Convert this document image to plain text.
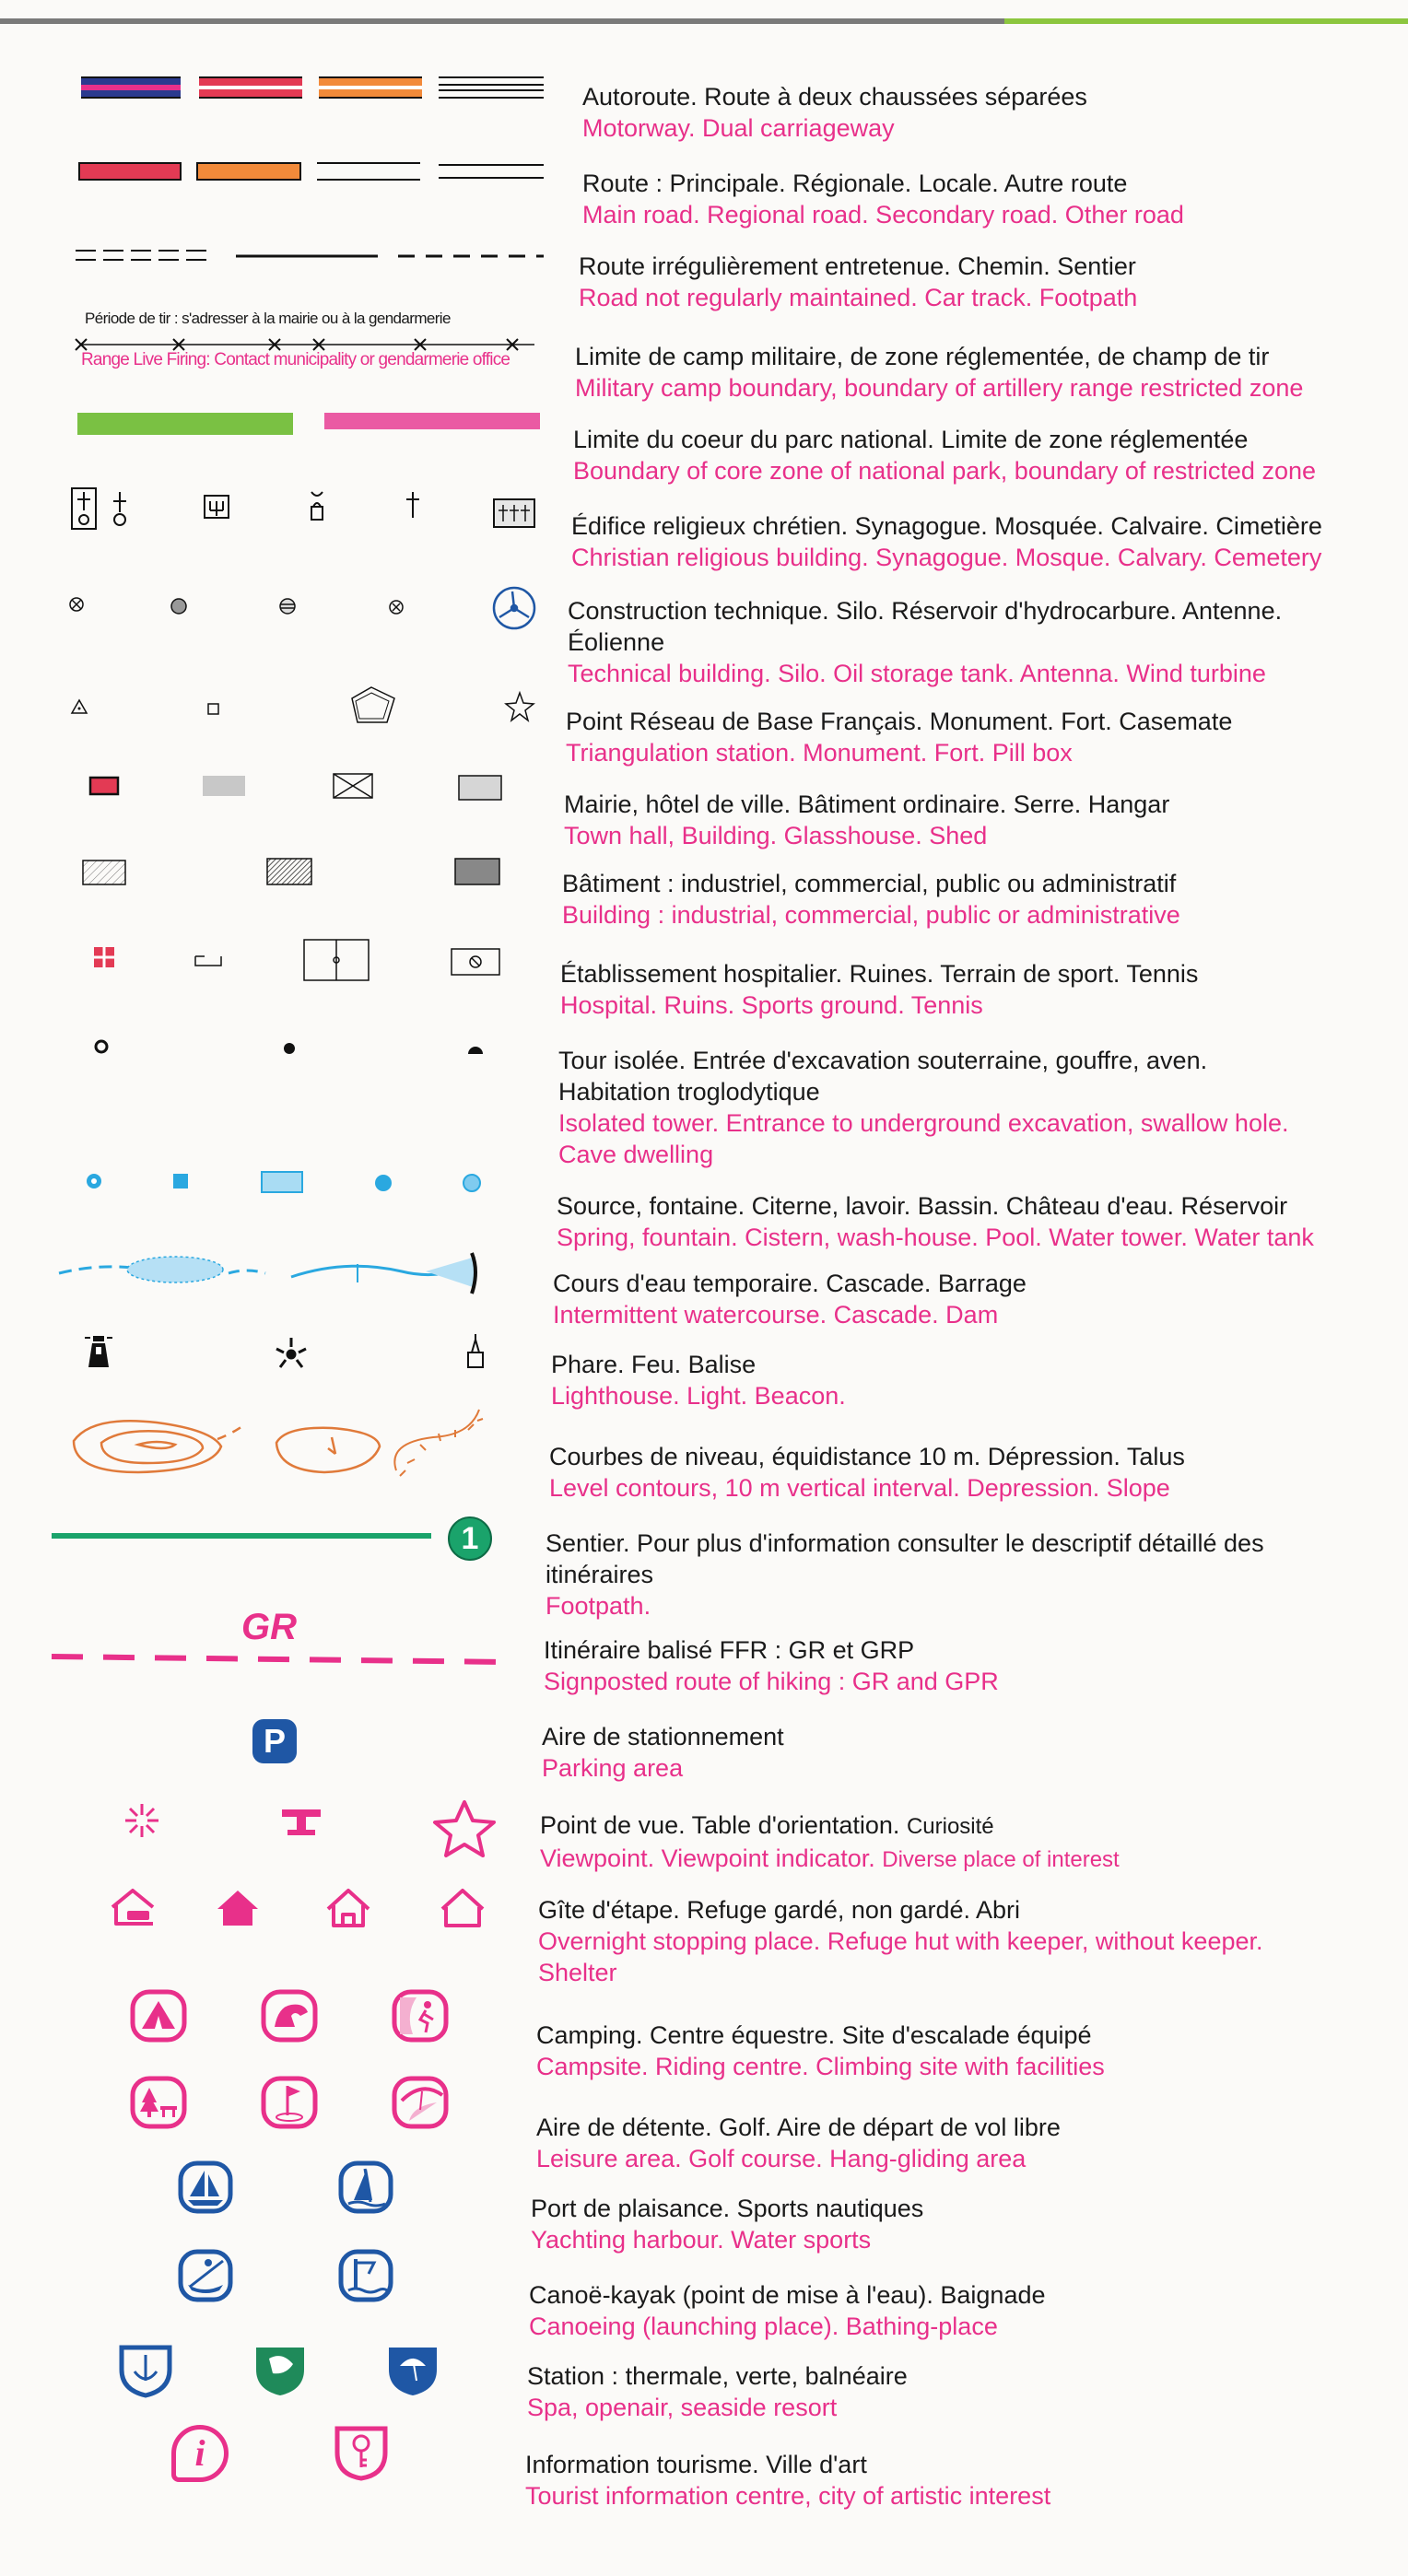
Autoroute. Route à deux chaussées séparées
Motorway. Dual carriageway
Route : Principale. Régionale. Locale. Autre route
Main road. Regional road. Secondary road. Other road
Route irrégulièrement entretenue. Chemin. Sentier
Road not regularly maintained. Car track. Footpath
Période de tir : s'adresser à la mairie ou à la gendarmerie
Range Live Firing: Contact municipality or gendarmerie office	Limite de camp militaire, de zone réglementée, de champ de tir
Military camp boundary, boundary of artillery range restricted zone
Limite du coeur du parc national. Limite de zone réglementée
Boundary of core zone of national park, boundary of restricted zone
Édifice religieux chrétien. Synagogue. Mosquée. Calvaire. Cimetière
Christian religious building. Synagogue. Mosque. Calvary. Cemetery
Construction technique. Silo. Réservoir d'hydrocarbure. Antenne.
Éolienne
Technical building. Silo. Oil storage tank. Antenna. Wind turbine
Point Réseau de Base Français. Monument. Fort. Casemate
Triangulation station. Monument. Fort. Pill box
Mairie, hôtel de ville. Bâtiment ordinaire. Serre. Hangar
Town hall, Building. Glasshouse. Shed
Bâtiment : industriel, commercial, public ou administratif
Building : industrial, commercial, public or administrative
Établissement hospitalier. Ruines. Terrain de sport. Tennis
Hospital. Ruins. Sports ground. Tennis
Tour isolée. Entrée d'excavation souterraine, gouffre, aven.
Habitation troglodytique
Isolated tower. Entrance to underground excavation, swallow hole.
Cave dwelling
Source, fontaine. Citerne, lavoir. Bassin. Château d'eau. Réservoir
Spring, fountain. Cistern, wash-house. Pool. Water tower. Water tank
Cours d'eau temporaire. Cascade. Barrage
Intermittent watercourse. Cascade. Dam
Phare. Feu. Balise
Lighthouse. Light. Beacon.
Courbes de niveau, équidistance 10 m. Dépression. Talus
Level contours, 10 m vertical interval. Depression. Slope
1	Sentier. Pour plus d'information consulter le descriptif détaillé des
itinéraires
Footpath.
GR
Itinéraire balisé FFR : GR et GRP
Signposted route of hiking : GR and GPR
P	Aire de stationnement
Parking area
Point de vue. Table d'orientation. Curiosité
Viewpoint. Viewpoint indicator. Diverse place of interest
Gîte d'étape. Refuge gardé, non gardé. Abri
Overnight stopping place. Refuge hut with keeper, without keeper.
Shelter
Camping. Centre équestre. Site d'escalade équipé
Campsite. Riding centre. Climbing site with facilities
Aire de détente. Golf. Aire de départ de vol libre
Leisure area. Golf course. Hang-gliding area
Port de plaisance. Sports nautiques
Yachting harbour. Water sports
Canoë-kayak (point de mise à l'eau). Baignade
Canoeing (launching place). Bathing-place
Station : thermale, verte, balnéaire
Spa, openair, seaside resort
i	Information tourisme. Ville d'art
Tourist information centre, city of artistic interest
